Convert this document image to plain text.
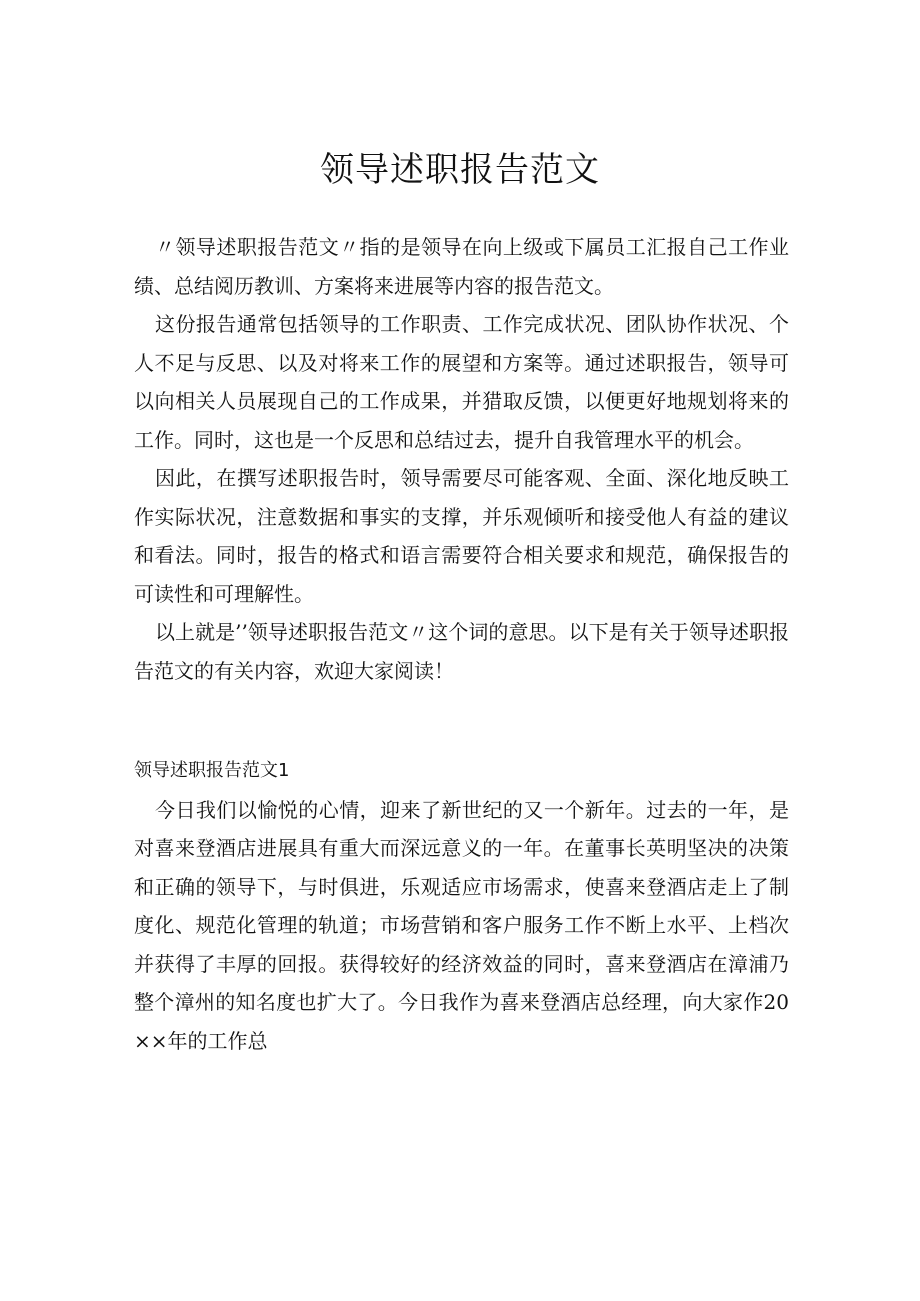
领导述职报告范文

〃领导述职报告范文〃指的是领导在向上级或下属员工汇报自己工作业绩、总结阅历教训、方案将来进展等内容的报告范文。

这份报告通常包括领导的工作职责、工作完成状况、团队协作状况、个人不足与反思、以及对将来工作的展望和方案等。通过述职报告，领导可以向相关人员展现自己的工作成果，并猎取反馈，以便更好地规划将来的工作。同时，这也是一个反思和总结过去，提升自我管理水平的机会。

因此，在撰写述职报告时，领导需要尽可能客观、全面、深化地反映工作实际状况，注意数据和事实的支撑，并乐观倾听和接受他人有益的建议和看法。同时，报告的格式和语言需要符合相关要求和规范，确保报告的可读性和可理解性。

以上就是’’领导述职报告范文〃这个词的意思。以下是有关于领导述职报告范文的有关内容，欢迎大家阅读！

领导述职报告范文1

今日我们以愉悦的心情，迎来了新世纪的又一个新年。过去的一年，是对喜来登酒店进展具有重大而深远意义的一年。在董事长英明坚决的决策和正确的领导下，与时俱进，乐观适应市场需求，使喜来登酒店走上了制度化、规范化管理的轨道；市场营销和客户服务工作不断上水平、上档次并获得了丰厚的回报。获得较好的经济效益的同时，喜来登酒店在漳浦乃整个漳州的知名度也扩大了。今日我作为喜来登酒店总经理，向大家作20××年的工作总
